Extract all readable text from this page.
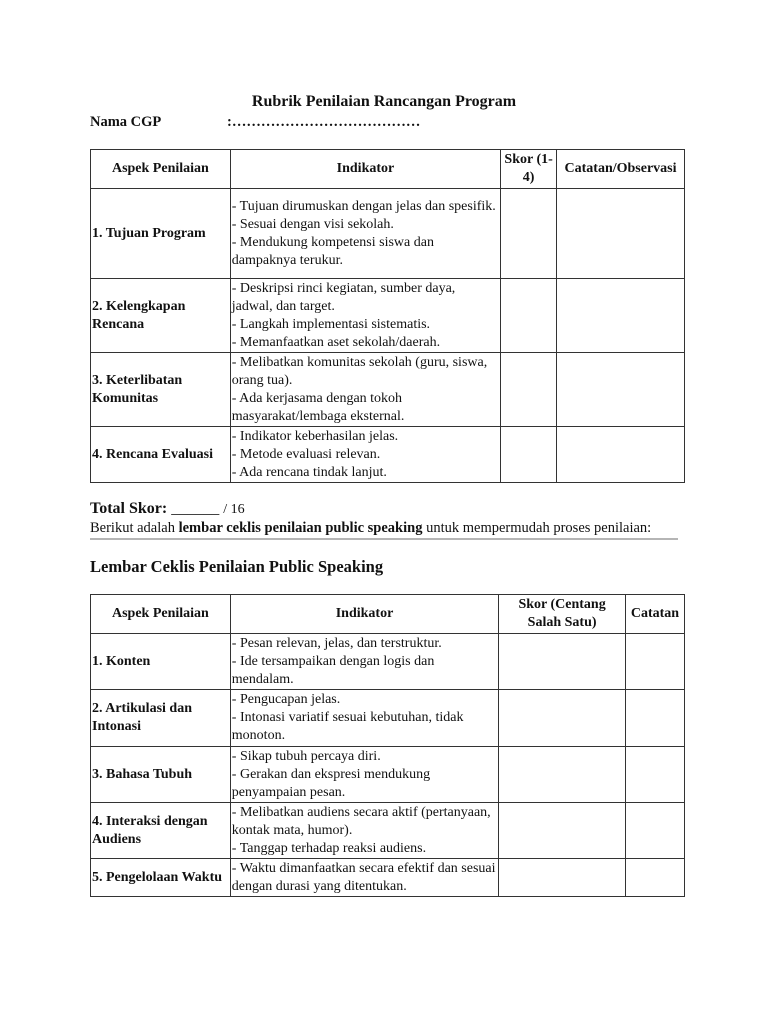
Rubrik Penilaian Rancangan Program
Nama CGP	:…………………………………
Aspek Penilaian	Indikator	Skor (1-4)	Catatan/Observasi
1. Tujuan Program	- Tujuan dirumuskan dengan jelas dan spesifik.
- Sesuai dengan visi sekolah.
- Mendukung kompetensi siswa dan dampaknya terukur.		

2. Kelengkapan Rencana	- Deskripsi rinci kegiatan, sumber daya, jadwal, dan target.
- Langkah implementasi sistematis.
- Memanfaatkan aset sekolah/daerah.		

3. Keterlibatan Komunitas	- Melibatkan komunitas sekolah (guru, siswa, orang tua).
- Ada kerjasama dengan tokoh masyarakat/lembaga eksternal.		

4. Rencana Evaluasi	- Indikator keberhasilan jelas.
- Metode evaluasi relevan.
- Ada rencana tindak lanjut.		

Total Skor: ______ / 16
Berikut adalah lembar ceklis penilaian public speaking untuk mempermudah proses penilaian:
Lembar Ceklis Penilaian Public Speaking
Aspek Penilaian	Indikator	Skor (Centang Salah Satu)	Catatan
1. Konten	- Pesan relevan, jelas, dan terstruktur.
- Ide tersampaikan dengan logis dan mendalam.		

2. Artikulasi dan Intonasi	- Pengucapan jelas.
- Intonasi variatif sesuai kebutuhan, tidak monoton.		

3. Bahasa Tubuh	- Sikap tubuh percaya diri.
- Gerakan dan ekspresi mendukung penyampaian pesan.		

4. Interaksi dengan Audiens	- Melibatkan audiens secara aktif (pertanyaan, kontak mata, humor).
- Tanggap terhadap reaksi audiens.		

5. Pengelolaan Waktu	- Waktu dimanfaatkan secara efektif dan sesuai dengan durasi yang ditentukan.		
